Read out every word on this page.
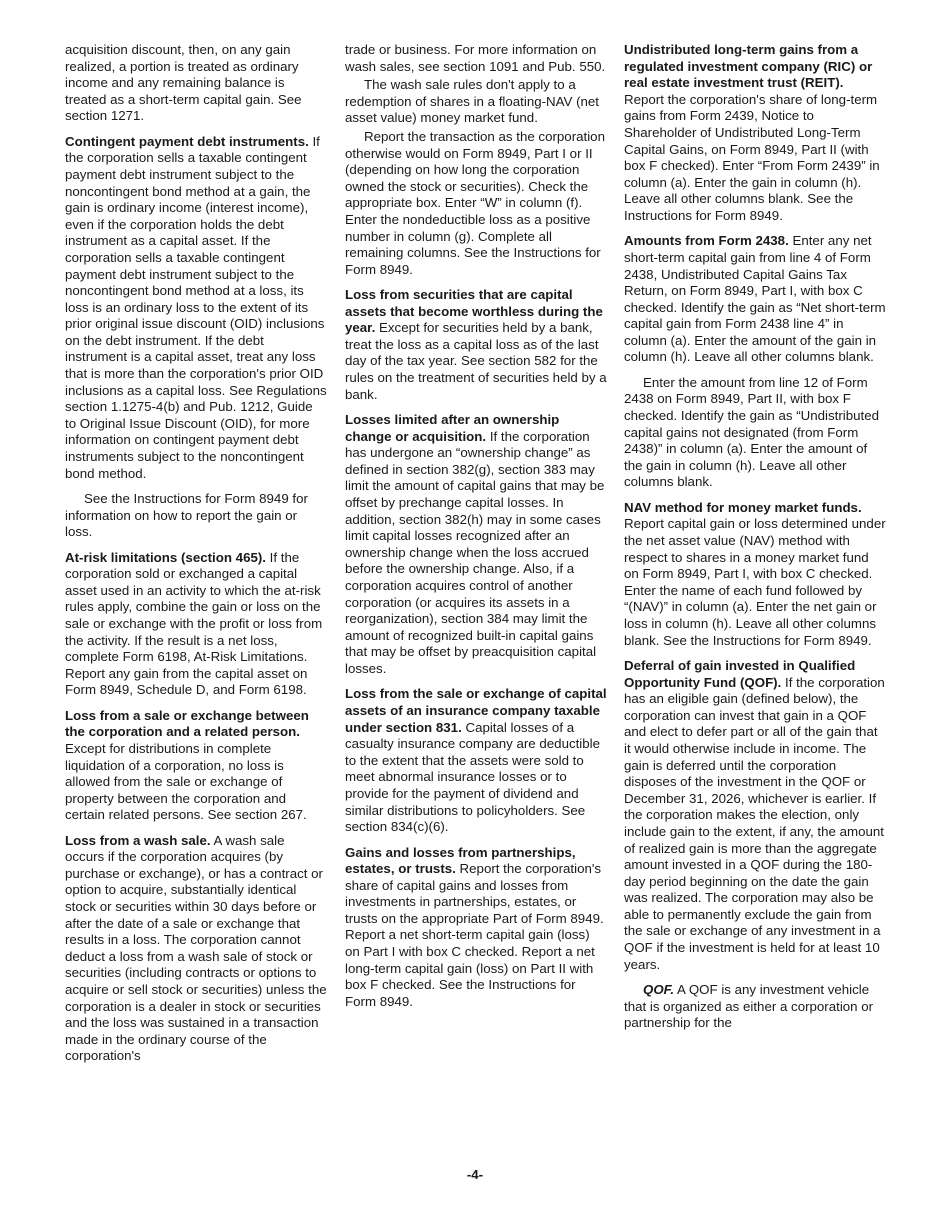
acquisition discount, then, on any gain realized, a portion is treated as ordinary income and any remaining balance is treated as a short-term capital gain. See section 1271.

Contingent payment debt instruments. If the corporation sells a taxable contingent payment debt instrument subject to the noncontingent bond method at a gain, the gain is ordinary income (interest income), even if the corporation holds the debt instrument as a capital asset. If the corporation sells a taxable contingent payment debt instrument subject to the noncontingent bond method at a loss, its loss is an ordinary loss to the extent of its prior original issue discount (OID) inclusions on the debt instrument. If the debt instrument is a capital asset, treat any loss that is more than the corporation's prior OID inclusions as a capital loss. See Regulations section 1.1275-4(b) and Pub. 1212, Guide to Original Issue Discount (OID), for more information on contingent payment debt instruments subject to the noncontingent bond method.

See the Instructions for Form 8949 for information on how to report the gain or loss.

At-risk limitations (section 465). If the corporation sold or exchanged a capital asset used in an activity to which the at-risk rules apply, combine the gain or loss on the sale or exchange with the profit or loss from the activity. If the result is a net loss, complete Form 6198, At-Risk Limitations. Report any gain from the capital asset on Form 8949, Schedule D, and Form 6198.

Loss from a sale or exchange between the corporation and a related person. Except for distributions in complete liquidation of a corporation, no loss is allowed from the sale or exchange of property between the corporation and certain related persons. See section 267.

Loss from a wash sale. A wash sale occurs if the corporation acquires (by purchase or exchange), or has a contract or option to acquire, substantially identical stock or securities within 30 days before or after the date of a sale or exchange that results in a loss. The corporation cannot deduct a loss from a wash sale of stock or securities (including contracts or options to acquire or sell stock or securities) unless the corporation is a dealer in stock or securities and the loss was sustained in a transaction made in the ordinary course of the corporation's

trade or business. For more information on wash sales, see section 1091 and Pub. 550.

The wash sale rules don't apply to a redemption of shares in a floating-NAV (net asset value) money market fund.

Report the transaction as the corporation otherwise would on Form 8949, Part I or II (depending on how long the corporation owned the stock or securities). Check the appropriate box. Enter “W” in column (f). Enter the nondeductible loss as a positive number in column (g). Complete all remaining columns. See the Instructions for Form 8949.

Loss from securities that are capital assets that become worthless during the year. Except for securities held by a bank, treat the loss as a capital loss as of the last day of the tax year. See section 582 for the rules on the treatment of securities held by a bank.

Losses limited after an ownership change or acquisition. If the corporation has undergone an “ownership change” as defined in section 382(g), section 383 may limit the amount of capital gains that may be offset by prechange capital losses. In addition, section 382(h) may in some cases limit capital losses recognized after an ownership change when the loss accrued before the ownership change. Also, if a corporation acquires control of another corporation (or acquires its assets in a reorganization), section 384 may limit the amount of recognized built-in capital gains that may be offset by preacquisition capital losses.

Loss from the sale or exchange of capital assets of an insurance company taxable under section 831. Capital losses of a casualty insurance company are deductible to the extent that the assets were sold to meet abnormal insurance losses or to provide for the payment of dividend and similar distributions to policyholders. See section 834(c)(6).

Gains and losses from partnerships, estates, or trusts. Report the corporation's share of capital gains and losses from investments in partnerships, estates, or trusts on the appropriate Part of Form 8949. Report a net short-term capital gain (loss) on Part I with box C checked. Report a net long-term capital gain (loss) on Part II with box F checked. See the Instructions for Form 8949.

Undistributed long-term gains from a regulated investment company (RIC) or real estate investment trust (REIT). Report the corporation's share of long-term gains from Form 2439, Notice to Shareholder of Undistributed Long-Term Capital Gains, on Form 8949, Part II (with box F checked). Enter “From Form 2439” in column (a). Enter the gain in column (h). Leave all other columns blank. See the Instructions for Form 8949.

Amounts from Form 2438. Enter any net short-term capital gain from line 4 of Form 2438, Undistributed Capital Gains Tax Return, on Form 8949, Part I, with box C checked. Identify the gain as “Net short-term capital gain from Form 2438 line 4” in column (a). Enter the amount of the gain in column (h). Leave all other columns blank.

Enter the amount from line 12 of Form 2438 on Form 8949, Part II, with box F checked. Identify the gain as “Undistributed capital gains not designated (from Form 2438)” in column (a). Enter the amount of the gain in column (h). Leave all other columns blank.

NAV method for money market funds. Report capital gain or loss determined under the net asset value (NAV) method with respect to shares in a money market fund on Form 8949, Part I, with box C checked. Enter the name of each fund followed by “(NAV)” in column (a). Enter the net gain or loss in column (h). Leave all other columns blank. See the Instructions for Form 8949.

Deferral of gain invested in Qualified Opportunity Fund (QOF). If the corporation has an eligible gain (defined below), the corporation can invest that gain in a QOF and elect to defer part or all of the gain that it would otherwise include in income. The gain is deferred until the corporation disposes of the investment in the QOF or December 31, 2026, whichever is earlier. If the corporation makes the election, only include gain to the extent, if any, the amount of realized gain is more than the aggregate amount invested in a QOF during the 180-day period beginning on the date the gain was realized. The corporation may also be able to permanently exclude the gain from the sale or exchange of any investment in a QOF if the investment is held for at least 10 years.

QOF. A QOF is any investment vehicle that is organized as either a corporation or partnership for the

-4-
